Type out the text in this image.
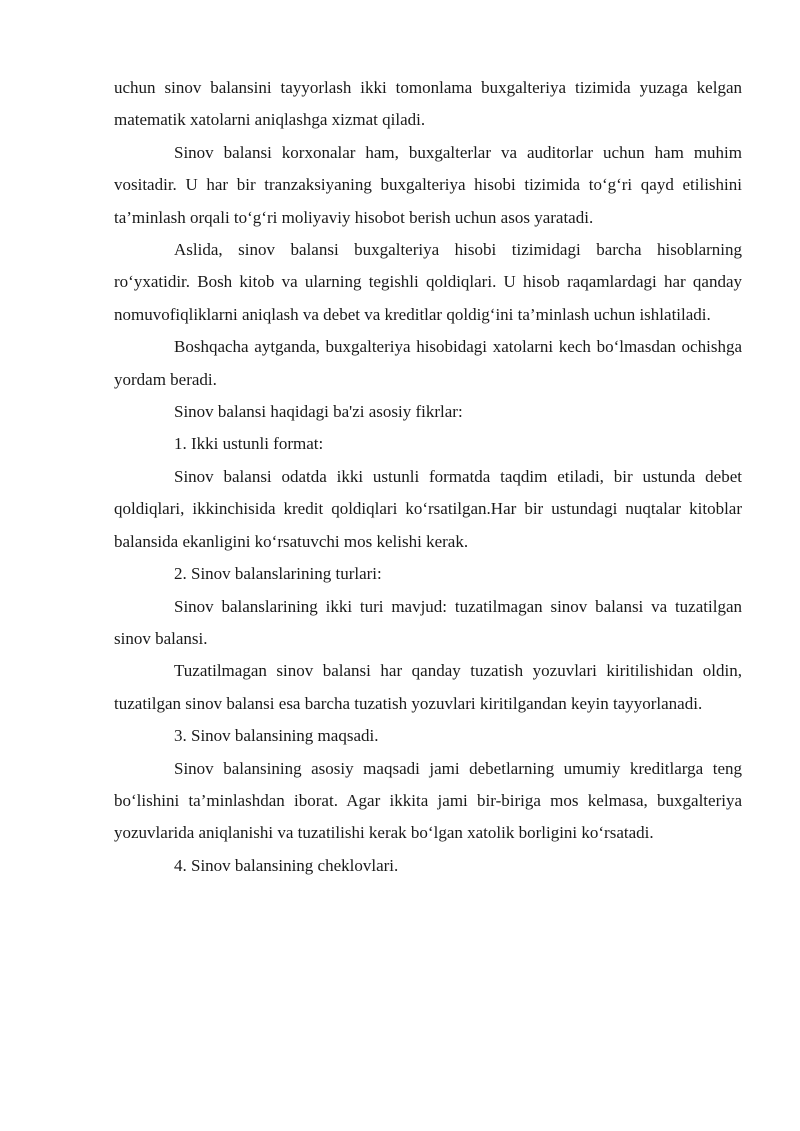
uchun sinov balansini tayyorlash ikki tomonlama buxgalteriya tizimida yuzaga kelgan matematik xatolarni aniqlashga xizmat qiladi.

Sinov balansi korxonalar ham, buxgalterlar va auditorlar uchun ham muhim vositadir. U har bir tranzaksiyaning buxgalteriya hisobi tizimida to‘g‘ri qayd etilishini ta’minlash orqali to‘g‘ri moliyaviy hisobot berish uchun asos yaratadi.

Aslida, sinov balansi buxgalteriya hisobi tizimidagi barcha hisoblarning ro‘yxatidir. Bosh kitob va ularning tegishli qoldiqlari. U hisob raqamlardagi har qanday nomuvofiqliklarni aniqlash va debet va kreditlar qoldig‘ini ta’minlash uchun ishlatiladi.

Boshqacha aytganda, buxgalteriya hisobidagi xatolarni kech bo‘lmasdan ochishga yordam beradi.

Sinov balansi haqidagi ba'zi asosiy fikrlar:

1. Ikki ustunli format:

Sinov balansi odatda ikki ustunli formatda taqdim etiladi, bir ustunda debet qoldiqlari, ikkinchisida kredit qoldiqlari ko‘rsatilgan.Har bir ustundagi nuqtalar kitoblar balansida ekanligini ko‘rsatuvchi mos kelishi kerak.

2. Sinov balanslarining turlari:

Sinov balanslarining ikki turi mavjud: tuzatilmagan sinov balansi va tuzatilgan sinov balansi.

Tuzatilmagan sinov balansi har qanday tuzatish yozuvlari kiritilishidan oldin, tuzatilgan sinov balansi esa barcha tuzatish yozuvlari kiritilgandan keyin tayyorlanadi.

3. Sinov balansining maqsadi.

Sinov balansining asosiy maqsadi jami debetlarning umumiy kreditlarga teng bo‘lishini ta’minlashdan iborat. Agar ikkita jami bir-biriga mos kelmasa, buxgalteriya yozuvlarida aniqlanishi va tuzatilishi kerak bo‘lgan xatolik borligini ko‘rsatadi.

4. Sinov balansining cheklovlari.
